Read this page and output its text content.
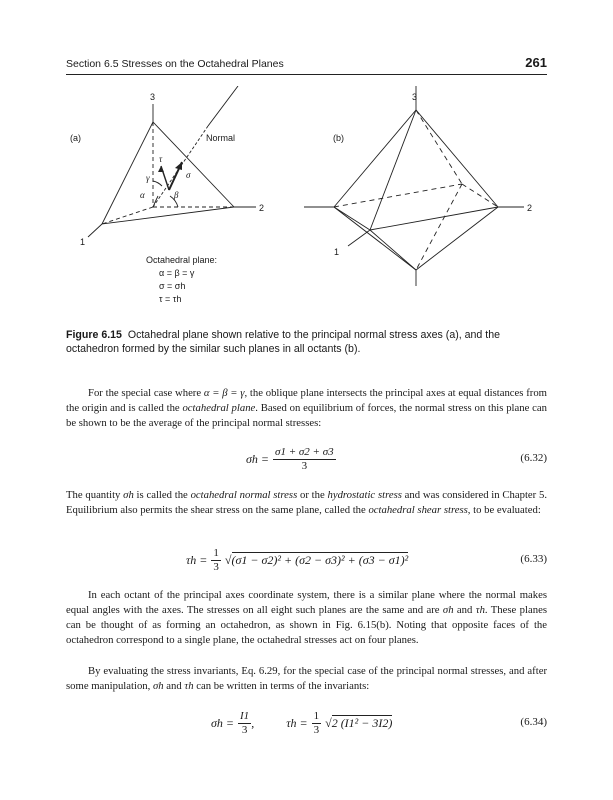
Section 6.5 Stresses on the Octahedral Planes	261
3
(a)	Normal
2
1
Octahedral plane:
α = β = γ
σ = σh
τ = τh
3
(b)
2
1
τ
σ
γ
α	β
Figure 6.15 Octahedral plane shown relative to the principal normal stress axes (a), and the octahedron formed by the similar such planes in all octants (b).

For the special case where α = β = γ, the oblique plane intersects the principal axes at equal distances from the origin and is called the octahedral plane. Based on equilibrium of forces, the normal stress on this plane can be shown to be the average of the principal normal stresses:

$\sigma h = \frac{\sigma 1 + \sigma 2 + \sigma 3}{3}$	(6.32)

The quantity σh is called the octahedral normal stress or the hydrostatic stress and was considered in Chapter 5. Equilibrium also permits the shear stress on the same plane, called the octahedral shear stress, to be evaluated:

$\tau h = \frac{1}{3} √(\sigma 1 - \sigma 2)^2 + (\sigma 2 - \sigma 3)^2 + (\sigma 3 - \sigma 1)^2$	(6.33)

In each octant of the principal axes coordinate system, there is a similar plane where the normal makes equal angles with the axes. The stresses on all eight such planes are the same and are σh and τh. These planes can be thought of as forming an octahedron, as shown in Fig. 6.15(b). Noting that opposite faces of the octahedron correspond to a single plane, the octahedral stresses act on four planes.

By evaluating the stress invariants, Eq. 6.29, for the special case of the principal normal stresses, and after some manipulation, σh and τh can be written in terms of the invariants:

$\sigma h = \frac{I1}{3}$ ,	$\tau h = \frac{1}{3} √2$ (I1² − 3I2)	(6.34)
